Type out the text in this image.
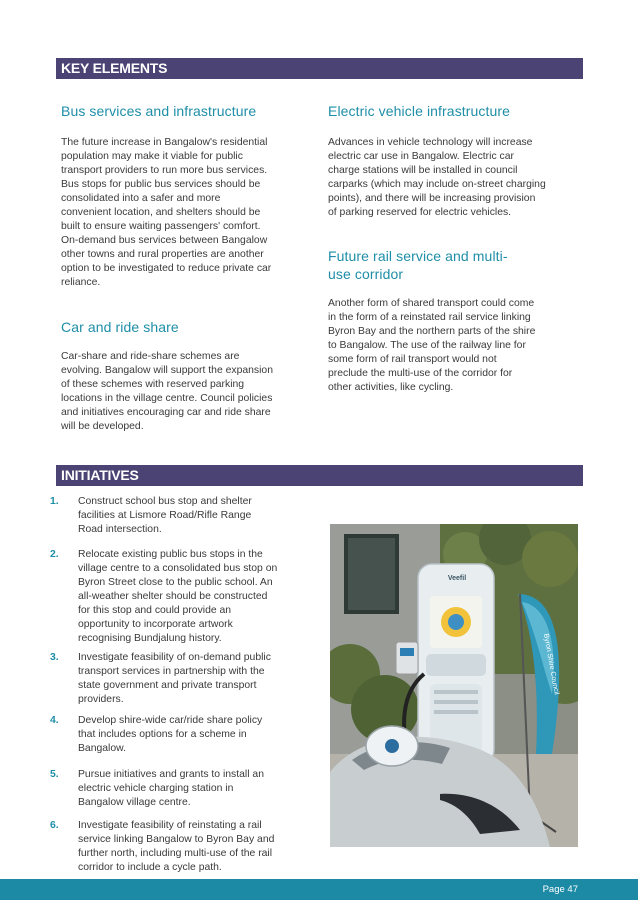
KEY ELEMENTS
Bus services and infrastructure
The future increase in Bangalow's residential
population may make it viable for public
transport providers to run more bus services.
Bus stops for public bus services should be
consolidated into a safer and more
convenient location, and shelters should be
built to ensure waiting passengers' comfort.
On-demand bus services between Bangalow
other towns and rural properties are another
option to be investigated to reduce private car
reliance.
Car and ride share
Car-share and ride-share schemes are
evolving. Bangalow will support the expansion
of these schemes with reserved parking
locations in the village centre. Council policies
and initiatives encouraging car and ride share
will be developed.
Electric vehicle infrastructure
Advances in vehicle technology will increase
electric car use in Bangalow. Electric car
charge stations will be installed in council
carparks (which may include on-street charging
points), and there will be increasing provision
of parking reserved for electric vehicles.
Future rail service and multi-
use corridor
Another form of shared transport could come
in the form of a reinstated rail service linking
Byron Bay and the northern parts of the shire
to Bangalow. The use of the railway line for
some form of rail transport would not
preclude the multi-use of the corridor for
other activities, like cycling.
INITIATIVES
1. Construct school bus stop and shelter
facilities at Lismore Road/Rifle Range
Road intersection.
2. Relocate existing public bus stops in the
village centre to a consolidated bus stop on
Byron Street close to the public school. An
all-weather shelter should be constructed
for this stop and could provide an
opportunity to incorporate artwork
recognising Bundjalung history.
3. Investigate feasibility of on-demand public
transport services in partnership with the
state government and private transport
providers.
4. Develop shire-wide car/ride share policy
that includes options for a scheme in
Bangalow.
5. Pursue initiatives and grants to install an
electric vehicle charging station in
Bangalow village centre.
6. Investigate feasibility of reinstating a rail
service linking Bangalow to Byron Bay and
further north, including multi-use of the rail
corridor to include a cycle path.
Veefil
Byron Shire Council
Page 47
